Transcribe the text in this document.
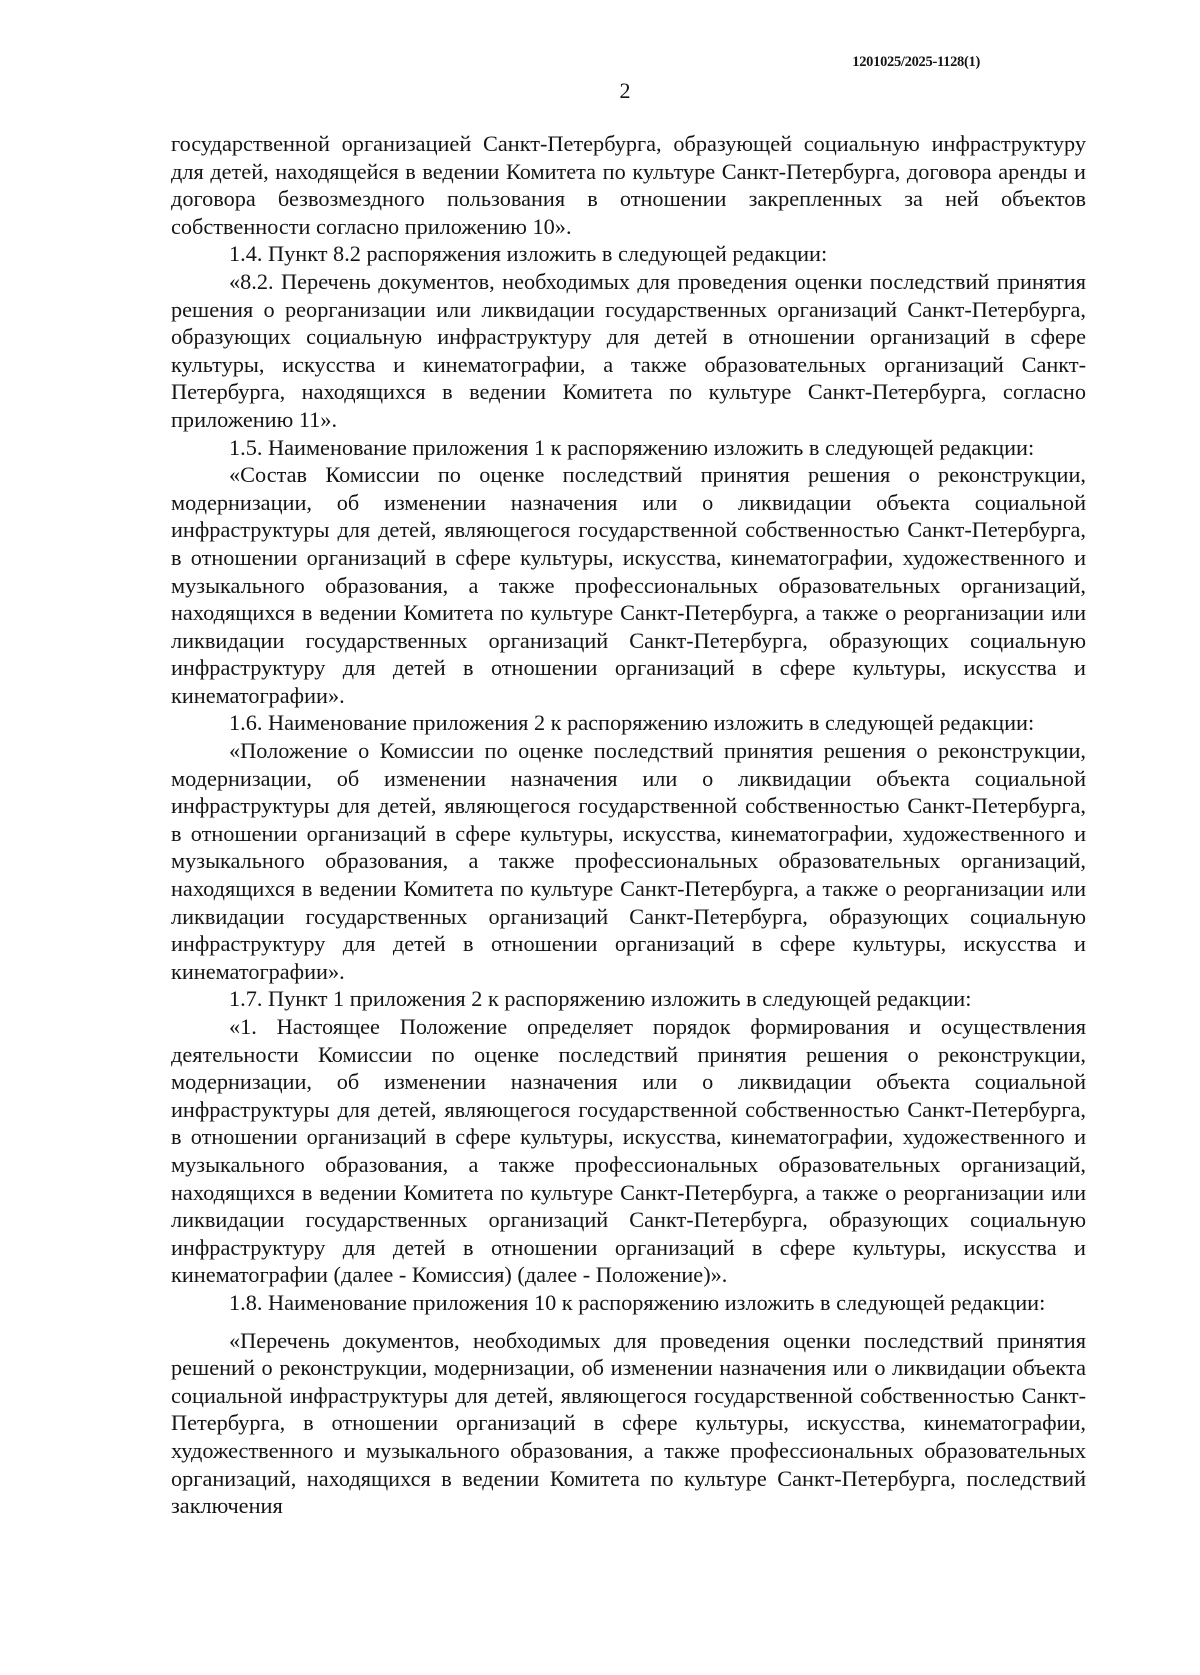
1201025/2025-1128(1)
2

государственной организацией Санкт-Петербурга, образующей социальную инфраструктуру для детей, находящейся в ведении Комитета по культуре Санкт-Петербурга, договора аренды и договора безвозмездного пользования в отношении закрепленных за ней объектов собственности согласно приложению 10».

1.4. Пункт 8.2 распоряжения изложить в следующей редакции:

«8.2. Перечень документов, необходимых для проведения оценки последствий принятия решения о реорганизации или ликвидации государственных организаций Санкт-Петербурга, образующих социальную инфраструктуру для детей в отношении организаций в сфере культуры, искусства и кинематографии, а также образовательных организаций Санкт-Петербурга, находящихся в ведении Комитета по культуре Санкт-Петербурга, согласно приложению 11».

1.5. Наименование приложения 1 к распоряжению изложить в следующей редакции:

«Состав Комиссии по оценке последствий принятия решения о реконструкции, модернизации, об изменении назначения или о ликвидации объекта социальной инфраструктуры для детей, являющегося государственной собственностью Санкт-Петербурга, в отношении организаций в сфере культуры, искусства, кинематографии, художественного и музыкального образования, а также профессиональных образовательных организаций, находящихся в ведении Комитета по культуре Санкт-Петербурга, а также о реорганизации или ликвидации государственных организаций Санкт-Петербурга, образующих социальную инфраструктуру для детей в отношении организаций в сфере культуры, искусства и кинематографии».

1.6. Наименование приложения 2 к распоряжению изложить в следующей редакции:

«Положение о Комиссии по оценке последствий принятия решения о реконструкции, модернизации, об изменении назначения или о ликвидации объекта социальной инфраструктуры для детей, являющегося государственной собственностью Санкт-Петербурга, в отношении организаций в сфере культуры, искусства, кинематографии, художественного и музыкального образования, а также профессиональных образовательных организаций, находящихся в ведении Комитета по культуре Санкт-Петербурга, а также о реорганизации или ликвидации государственных организаций Санкт-Петербурга, образующих социальную инфраструктуру для детей в отношении организаций в сфере культуры, искусства и кинематографии».

1.7. Пункт 1 приложения 2 к распоряжению изложить в следующей редакции:

«1. Настоящее Положение определяет порядок формирования и осуществления деятельности Комиссии по оценке последствий принятия решения о реконструкции, модернизации, об изменении назначения или о ликвидации объекта социальной инфраструктуры для детей, являющегося государственной собственностью Санкт-Петербурга, в отношении организаций в сфере культуры, искусства, кинематографии, художественного и музыкального образования, а также профессиональных образовательных организаций, находящихся в ведении Комитета по культуре Санкт-Петербурга, а также о реорганизации или ликвидации государственных организаций Санкт-Петербурга, образующих социальную инфраструктуру для детей в отношении организаций в сфере культуры, искусства и кинематографии (далее - Комиссия) (далее - Положение)».

1.8. Наименование приложения 10 к распоряжению изложить в следующей редакции:

«Перечень документов, необходимых для проведения оценки последствий принятия решений о реконструкции, модернизации, об изменении назначения или о ликвидации объекта социальной инфраструктуры для детей, являющегося государственной собственностью Санкт-Петербурга, в отношении организаций в сфере культуры, искусства, кинематографии, художественного и музыкального образования, а также профессиональных образовательных организаций, находящихся в ведении Комитета по культуре Санкт-Петербурга, последствий заключения
